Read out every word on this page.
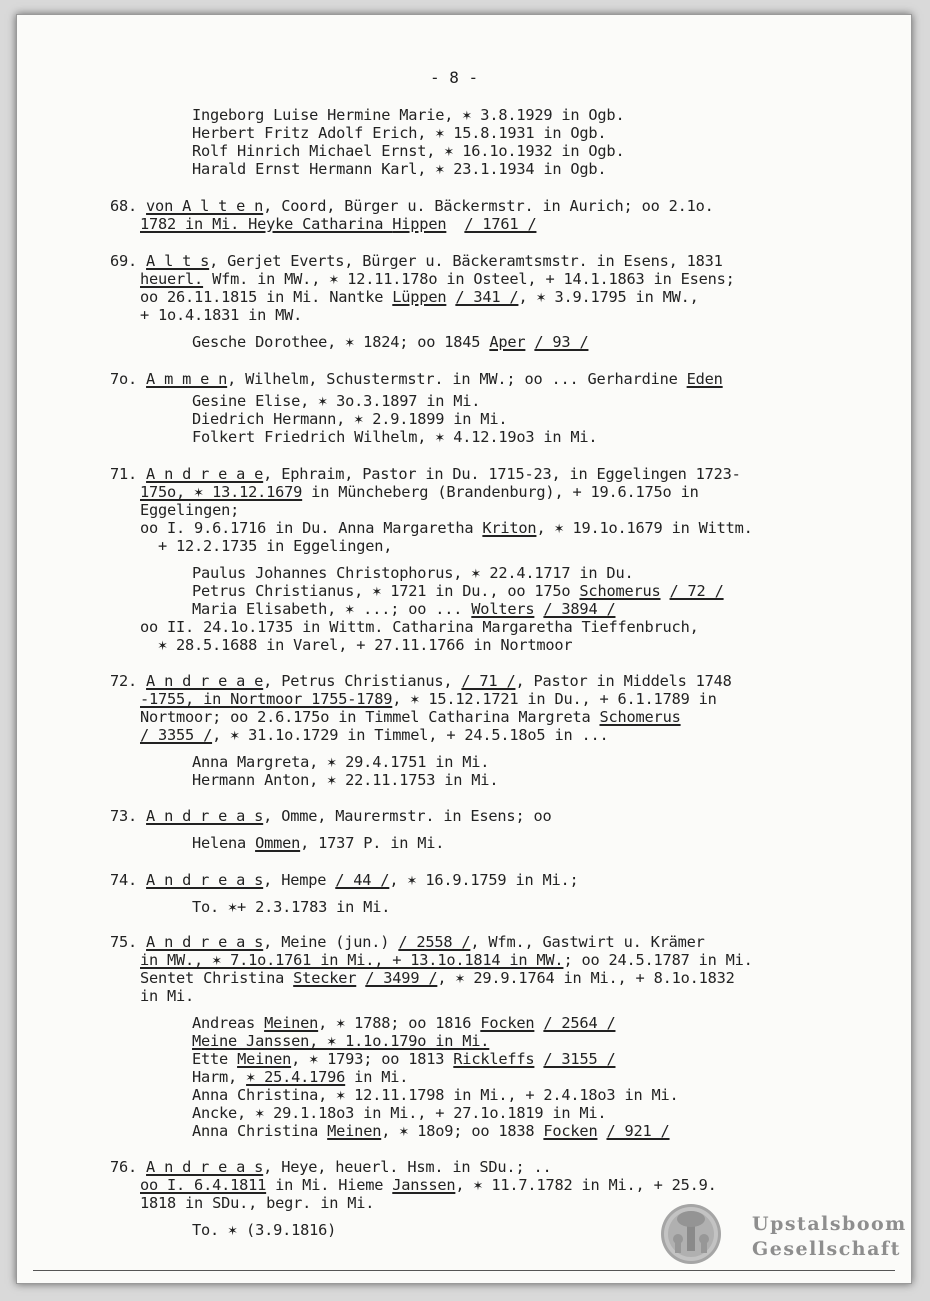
- 8 -
Ingeborg Luise Hermine Marie, ✶ 3.8.1929 in Ogb.
Herbert Fritz Adolf Erich, ✶ 15.8.1931 in Ogb.
Rolf Hinrich Michael Ernst, ✶ 16.1o.1932 in Ogb.
Harald Ernst Hermann Karl, ✶ 23.1.1934 in Ogb.
68. von A l t e n, Coord, Bürger u. Bäckermstr. in Aurich; oo 2.1o.
1782 in Mi. Heyke Catharina Hippen / 1761 /
69. A l t s, Gerjet Everts, Bürger u. Bäckeramtsmstr. in Esens, 1831
heuerl. Wfm. in MW., ✶ 12.11.178o in Osteel, + 14.1.1863 in Esens;
oo 26.11.1815 in Mi. Nantke Lüppen / 341 /, ✶ 3.9.1795 in MW.,
+ 1o.4.1831 in MW.
Gesche Dorothee, ✶ 1824; oo 1845 Aper / 93 /
7o. A m m e n, Wilhelm, Schustermstr. in MW.; oo ... Gerhardine Eden
Gesine Elise, ✶ 3o.3.1897 in Mi.
Diedrich Hermann, ✶ 2.9.1899 in Mi.
Folkert Friedrich Wilhelm, ✶ 4.12.19o3 in Mi.
71. A n d r e a e, Ephraim, Pastor in Du. 1715-23, in Eggelingen 1723-
175o, ✶ 13.12.1679 in Müncheberg (Brandenburg), + 19.6.175o in
Eggelingen;
oo I. 9.6.1716 in Du. Anna Margaretha Kriton, ✶ 19.1o.1679 in Wittm.
+ 12.2.1735 in Eggelingen,
Paulus Johannes Christophorus, ✶ 22.4.1717 in Du.
Petrus Christianus, ✶ 1721 in Du., oo 175o Schomerus / 72 /
Maria Elisabeth, ✶ ...; oo ... Wolters / 3894 /
oo II. 24.1o.1735 in Wittm. Catharina Margaretha Tieffenbruch,
✶ 28.5.1688 in Varel, + 27.11.1766 in Nortmoor
72. A n d r e a e, Petrus Christianus, / 71 /, Pastor in Middels 1748
-1755, in Nortmoor 1755-1789, ✶ 15.12.1721 in Du., + 6.1.1789 in
Nortmoor; oo 2.6.175o in Timmel Catharina Margreta Schomerus
/ 3355 /, ✶ 31.1o.1729 in Timmel, + 24.5.18o5 in ...
Anna Margreta, ✶ 29.4.1751 in Mi.
Hermann Anton, ✶ 22.11.1753 in Mi.
73. A n d r e a s, Omme, Maurermstr. in Esens; oo
Helena Ommen, 1737 P. in Mi.
74. A n d r e a s, Hempe / 44 /, ✶ 16.9.1759 in Mi.;
To. ✶+ 2.3.1783 in Mi.
75. A n d r e a s, Meine (jun.) / 2558 /, Wfm., Gastwirt u. Krämer
in MW., ✶ 7.1o.1761 in Mi., + 13.1o.1814 in MW.; oo 24.5.1787 in Mi.
Sentet Christina Stecker / 3499 /, ✶ 29.9.1764 in Mi., + 8.1o.1832
in Mi.
Andreas Meinen, ✶ 1788; oo 1816 Focken / 2564 /
Meine Janssen, ✶ 1.1o.179o in Mi.
Ette Meinen, ✶ 1793; oo 1813 Rickleffs / 3155 /
Harm, ✶ 25.4.1796 in Mi.
Anna Christina, ✶ 12.11.1798 in Mi., + 2.4.18o3 in Mi.
Ancke, ✶ 29.1.18o3 in Mi., + 27.1o.1819 in Mi.
Anna Christina Meinen, ✶ 18o9; oo 1838 Focken / 921 /
76. A n d r e a s, Heye, heuerl. Hsm. in SDu.; ..
oo I. 6.4.1811 in Mi. Hieme Janssen, ✶ 11.7.1782 in Mi., + 25.9.
1818 in SDu., begr. in Mi.
To. ✶ (3.9.1816)	Upstalsboom
Gesellschaft
